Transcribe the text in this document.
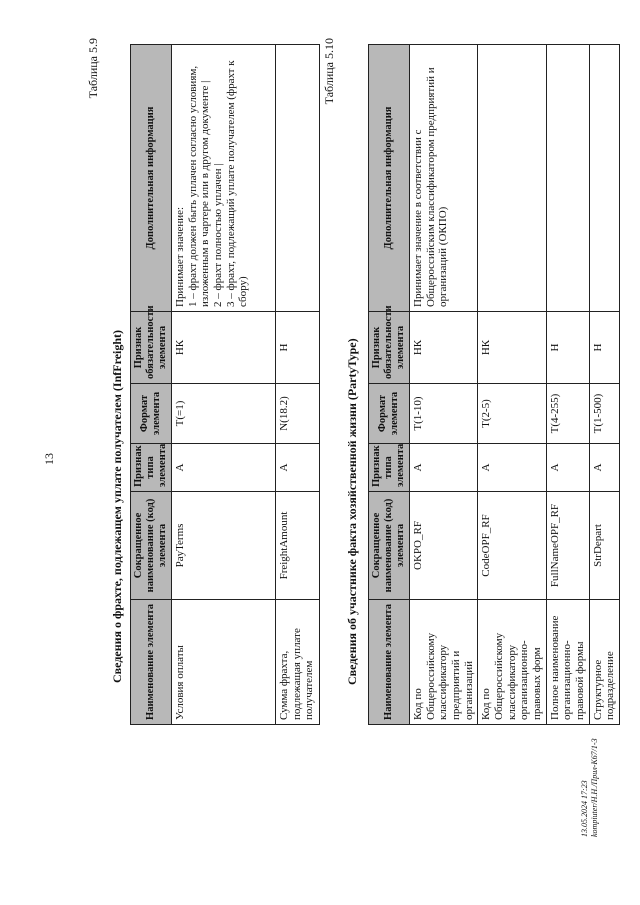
13
Таблица 5.9
Сведения о фрахте, подлежащем уплате получателем (InfFreight) Наименование элемента	Сокращенное наименование (код) элемента	Признак типа элемента	Формат элемента	Признак обязательности элемента	Дополнительная информация
Условия оплаты	PayTerms	А	T(=1)	НК	Принимает значение: 1 – фрахт должен быть уплачен согласно условиям, изложенным в чартере или в другом документе | 2 – фрахт полностью уплачен | 3 – фрахт, подлежащий уплате получателем (фрахт к сбору)

Сумма фрахта, подлежащая уплате получателем	FreightAmount	А	N(18.2)	Н	
Таблица 5.10
Сведения об участнике факта хозяйственной жизни (PartyType) Наименование элемента	Сокращенное наименование (код) элемента	Признак типа элемента	Формат элемента	Признак обязательности элемента	Дополнительная информация
Код по Общероссийскому классификатору предприятий и организаций	OKPO_RF	А	T(1-10)	НК	Принимает значение в соответствии с Общероссийским классификатором предприятий и организаций (ОКПО)
Код по Общероссийскому классификатору организационно-правовых форм	CodeOPF_RF	А	T(2-5)	НК	
Полное наименование организационно-правовой формы	FullNameOPF_RF	А	T(4-255)	Н	
Структурное подразделение	StrDepart	А	T(1-500)	Н	
13.05.2024 17:23 kompiuter/Н.Н./Прил-К67/1-3
